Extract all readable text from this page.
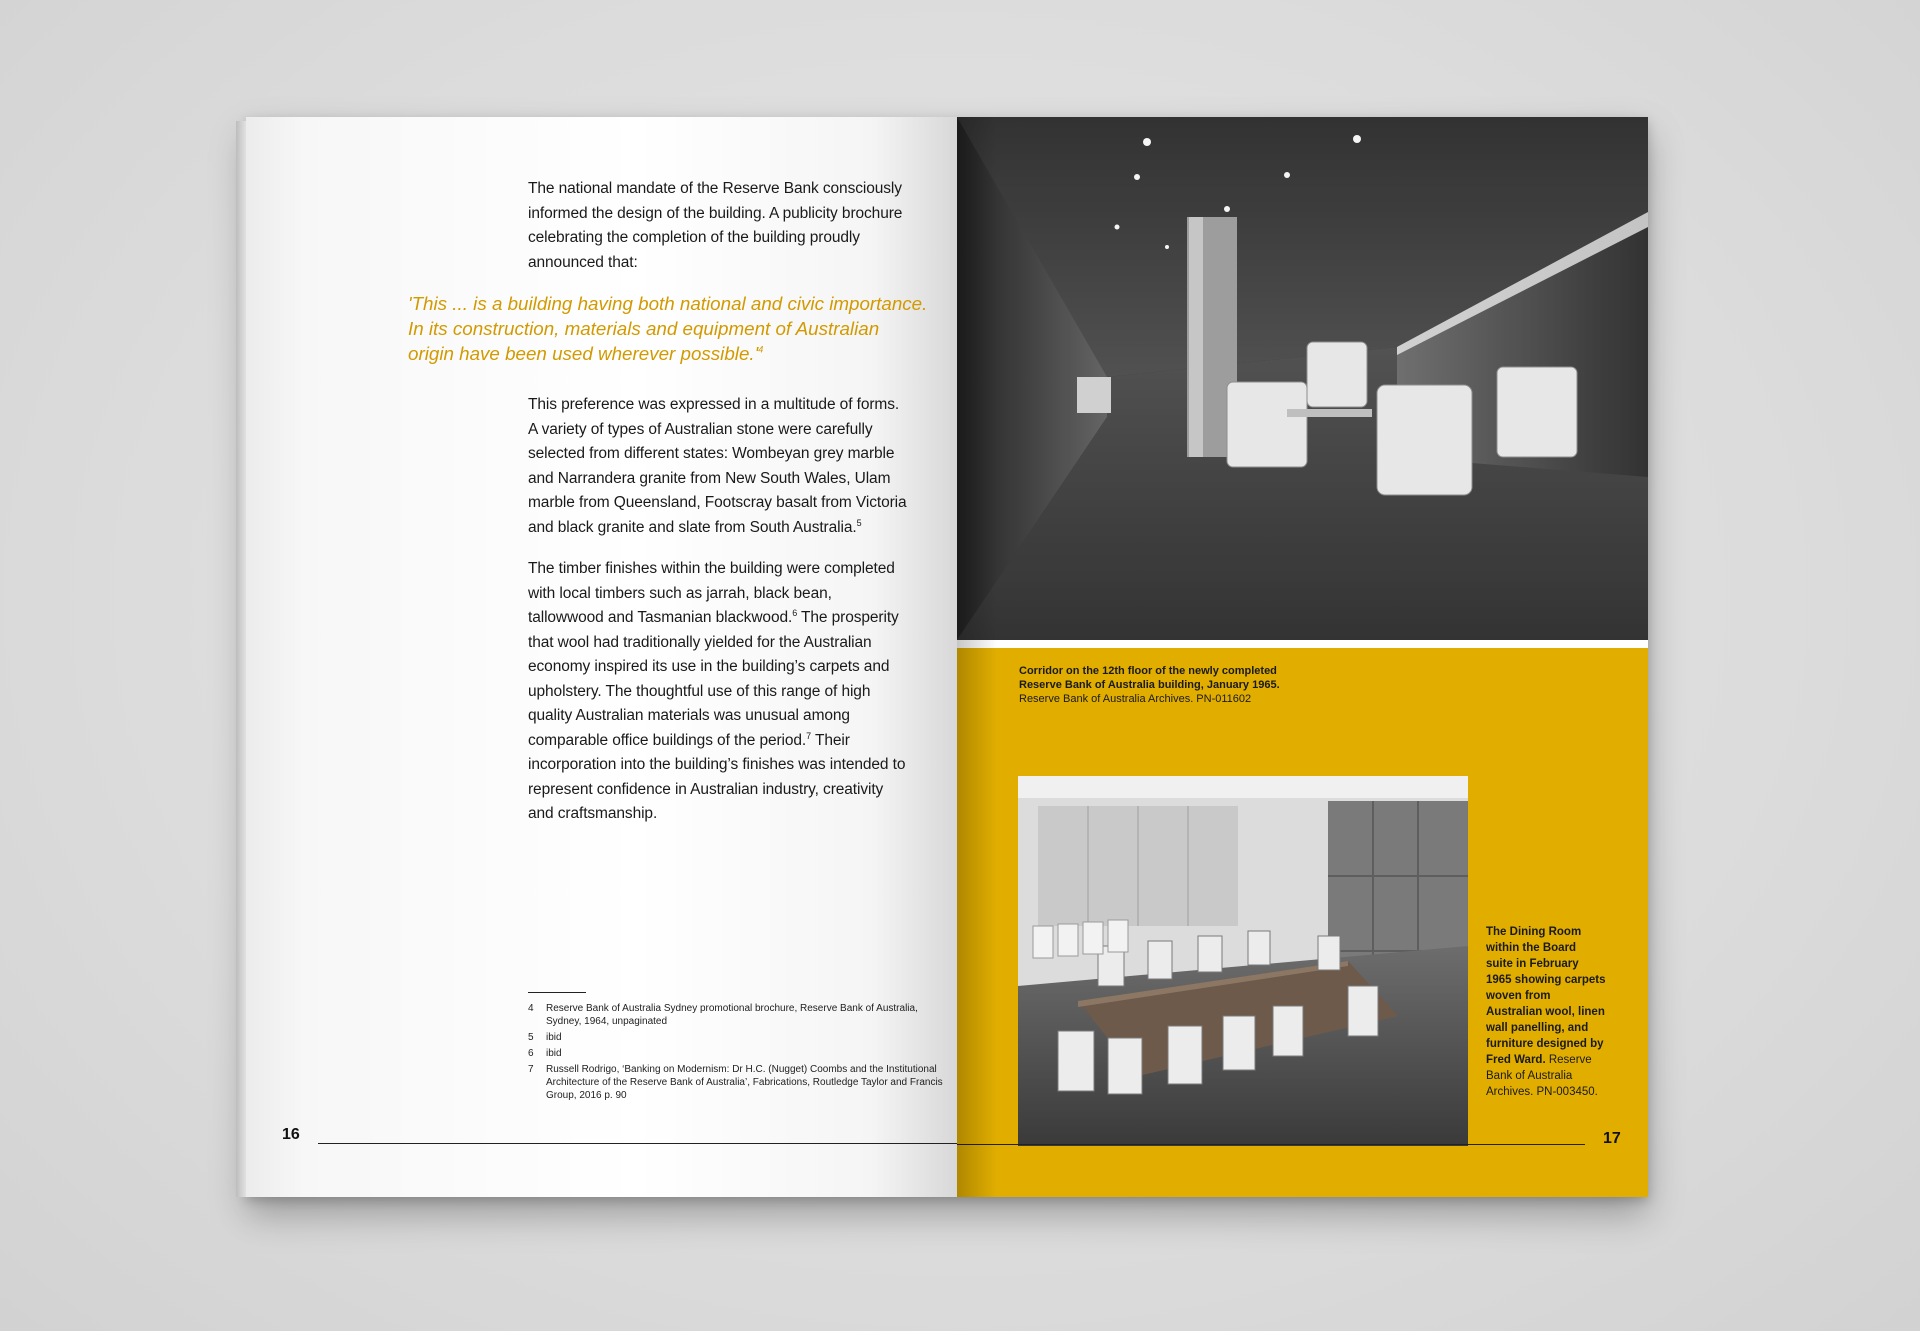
The national mandate of the Reserve Bank consciously informed the design of the building. A publicity brochure celebrating the completion of the building proudly announced that:
'This ... is a building having both national and civic importance. In its construction, materials and equipment of Australian origin have been used wherever $possible.'^4$
This preference was expressed in a multitude of forms. A variety of types of Australian stone were carefully selected from different states: Wombeyan grey marble and Narrandera granite from New South Wales, Ulam marble from Queensland, Footscray basalt from Victoria and black granite and slate from South Australia.$^5$
The timber finishes within the building were completed with local timbers such as jarrah, black bean, tallowwood and Tasmanian blackwood.$^6$ The prosperity that wool had traditionally yielded for the Australian economy inspired its use in the building’s carpets and upholstery. The thoughtful use of this range of high quality Australian materials was unusual among comparable office buildings of the period.$^7$ Their incorporation into the building’s finishes was intended to represent confidence in Australian industry, creativity and craftsmanship.
4	Reserve Bank of Australia Sydney promotional brochure, Reserve Bank of Australia, Sydney, 1964, unpaginated
5	ibid
6	ibid
7	Russell Rodrigo, ‘Banking on Modernism: Dr H.C. (Nugget) Coombs and the Institutional Architecture of the Reserve Bank of Australia’, Fabrications, Routledge Taylor and Francis Group, 2016 p. 90
16
Corridor on the 12th floor of the newly completed Reserve Bank of Australia building, January 1965.
Reserve Bank of Australia Archives. PN-011602
The Dining Room within the Board suite in February 1965 showing carpets woven from Australian wool, linen wall panelling, and furniture designed by Fred Ward. Reserve Bank of Australia Archives. PN-003450.
17
